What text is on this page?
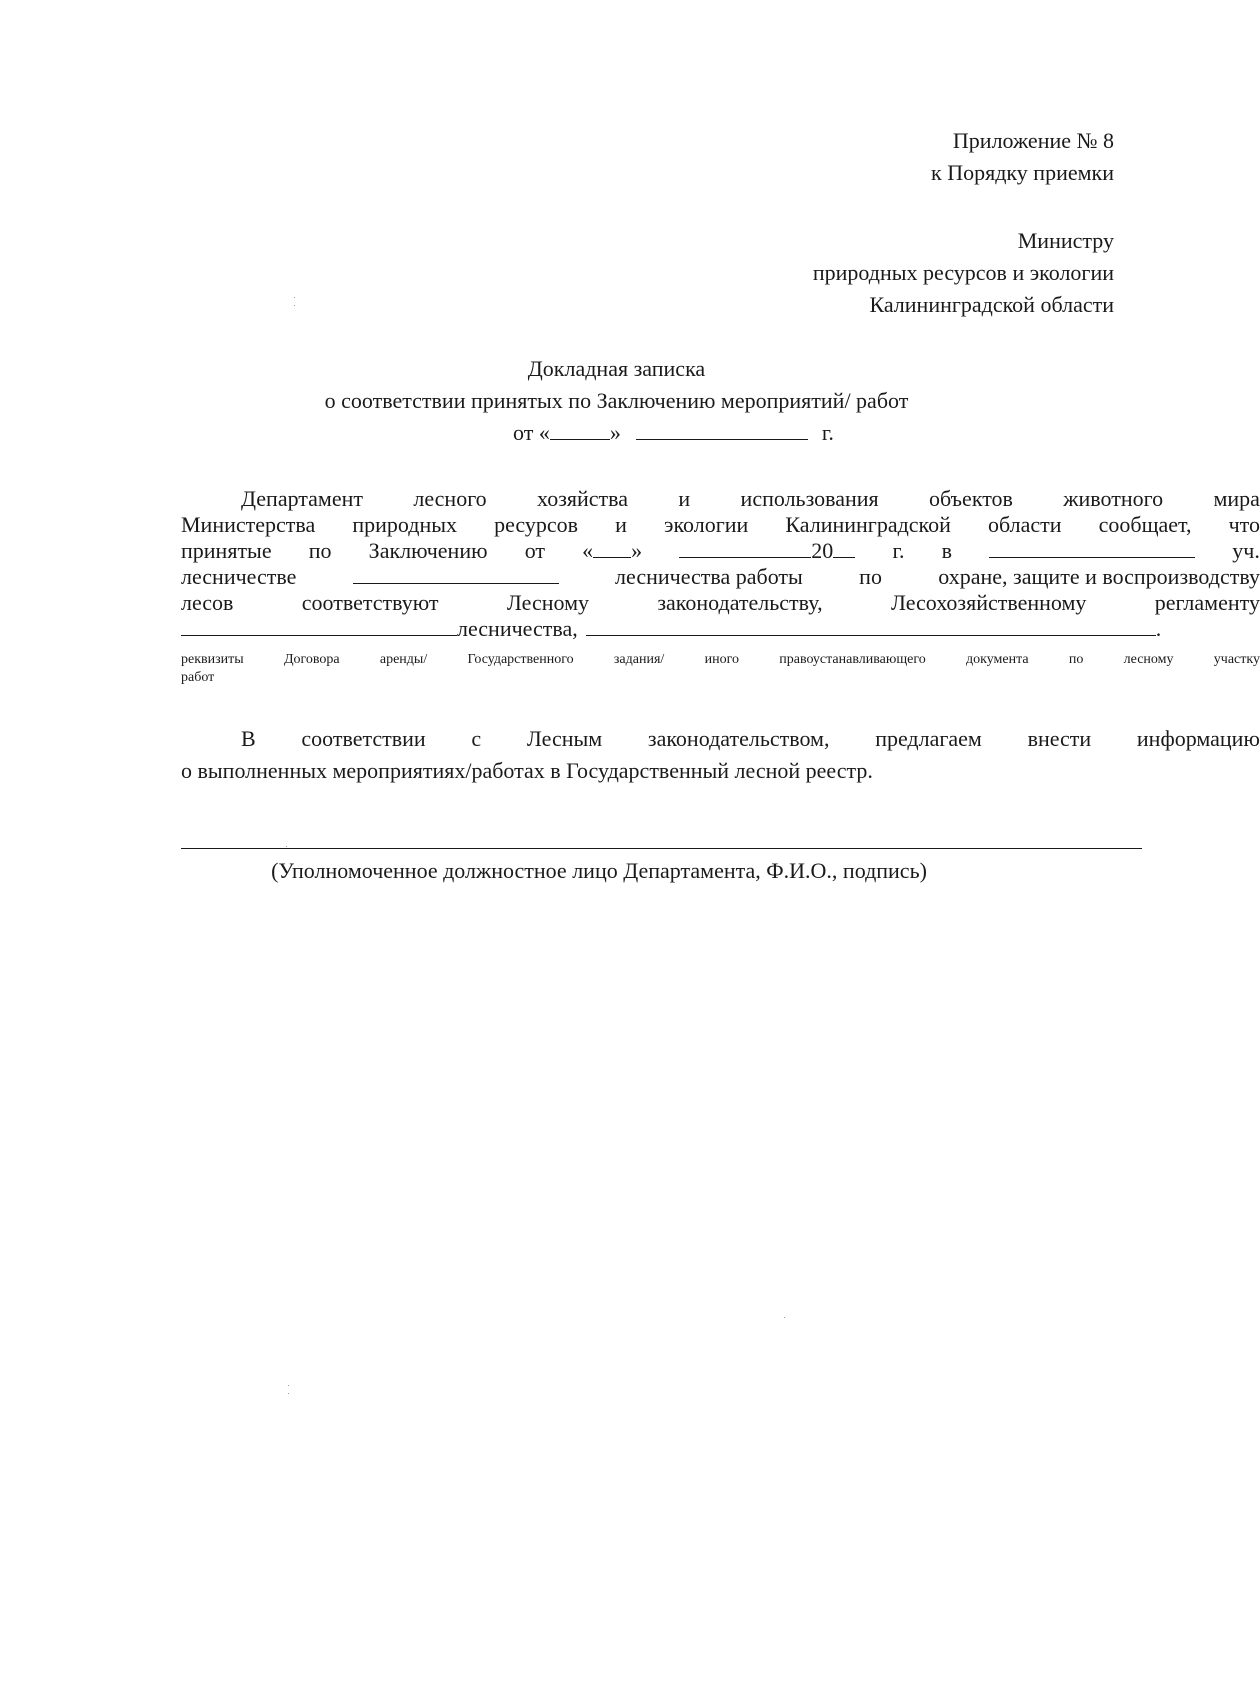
Приложение № 8
к Порядку приемки
Министру
природных ресурсов и экологии
Калининградской области
Докладная записка
о соответствии принятых по Заключению мероприятий/ работ
от «	»	г.
Департамент лесного хозяйства и использования объектов животного мира
Министерства природных ресурсов и экологии Калининградской области сообщает, что
принятые по Заключению от « »	20	г. в	уч.
лесничестве	лесничества работы	по	охране, защите и воспроизводству
лесов	соответствуют	Лесному	законодательству,	Лесохозяйственному	регламенту
лесничества,	.
реквизиты	Договора	аренды/	Государственного	задания/	иного	правоустанавливающего	документа	по	лесному	участку
работ
В соответствии с Лесным законодательством, предлагаем внести информацию
о выполненных мероприятиях/работах в Государственный лесной реестр.
(Уполномоченное должностное лицо Департамента, Ф.И.О., подпись)
